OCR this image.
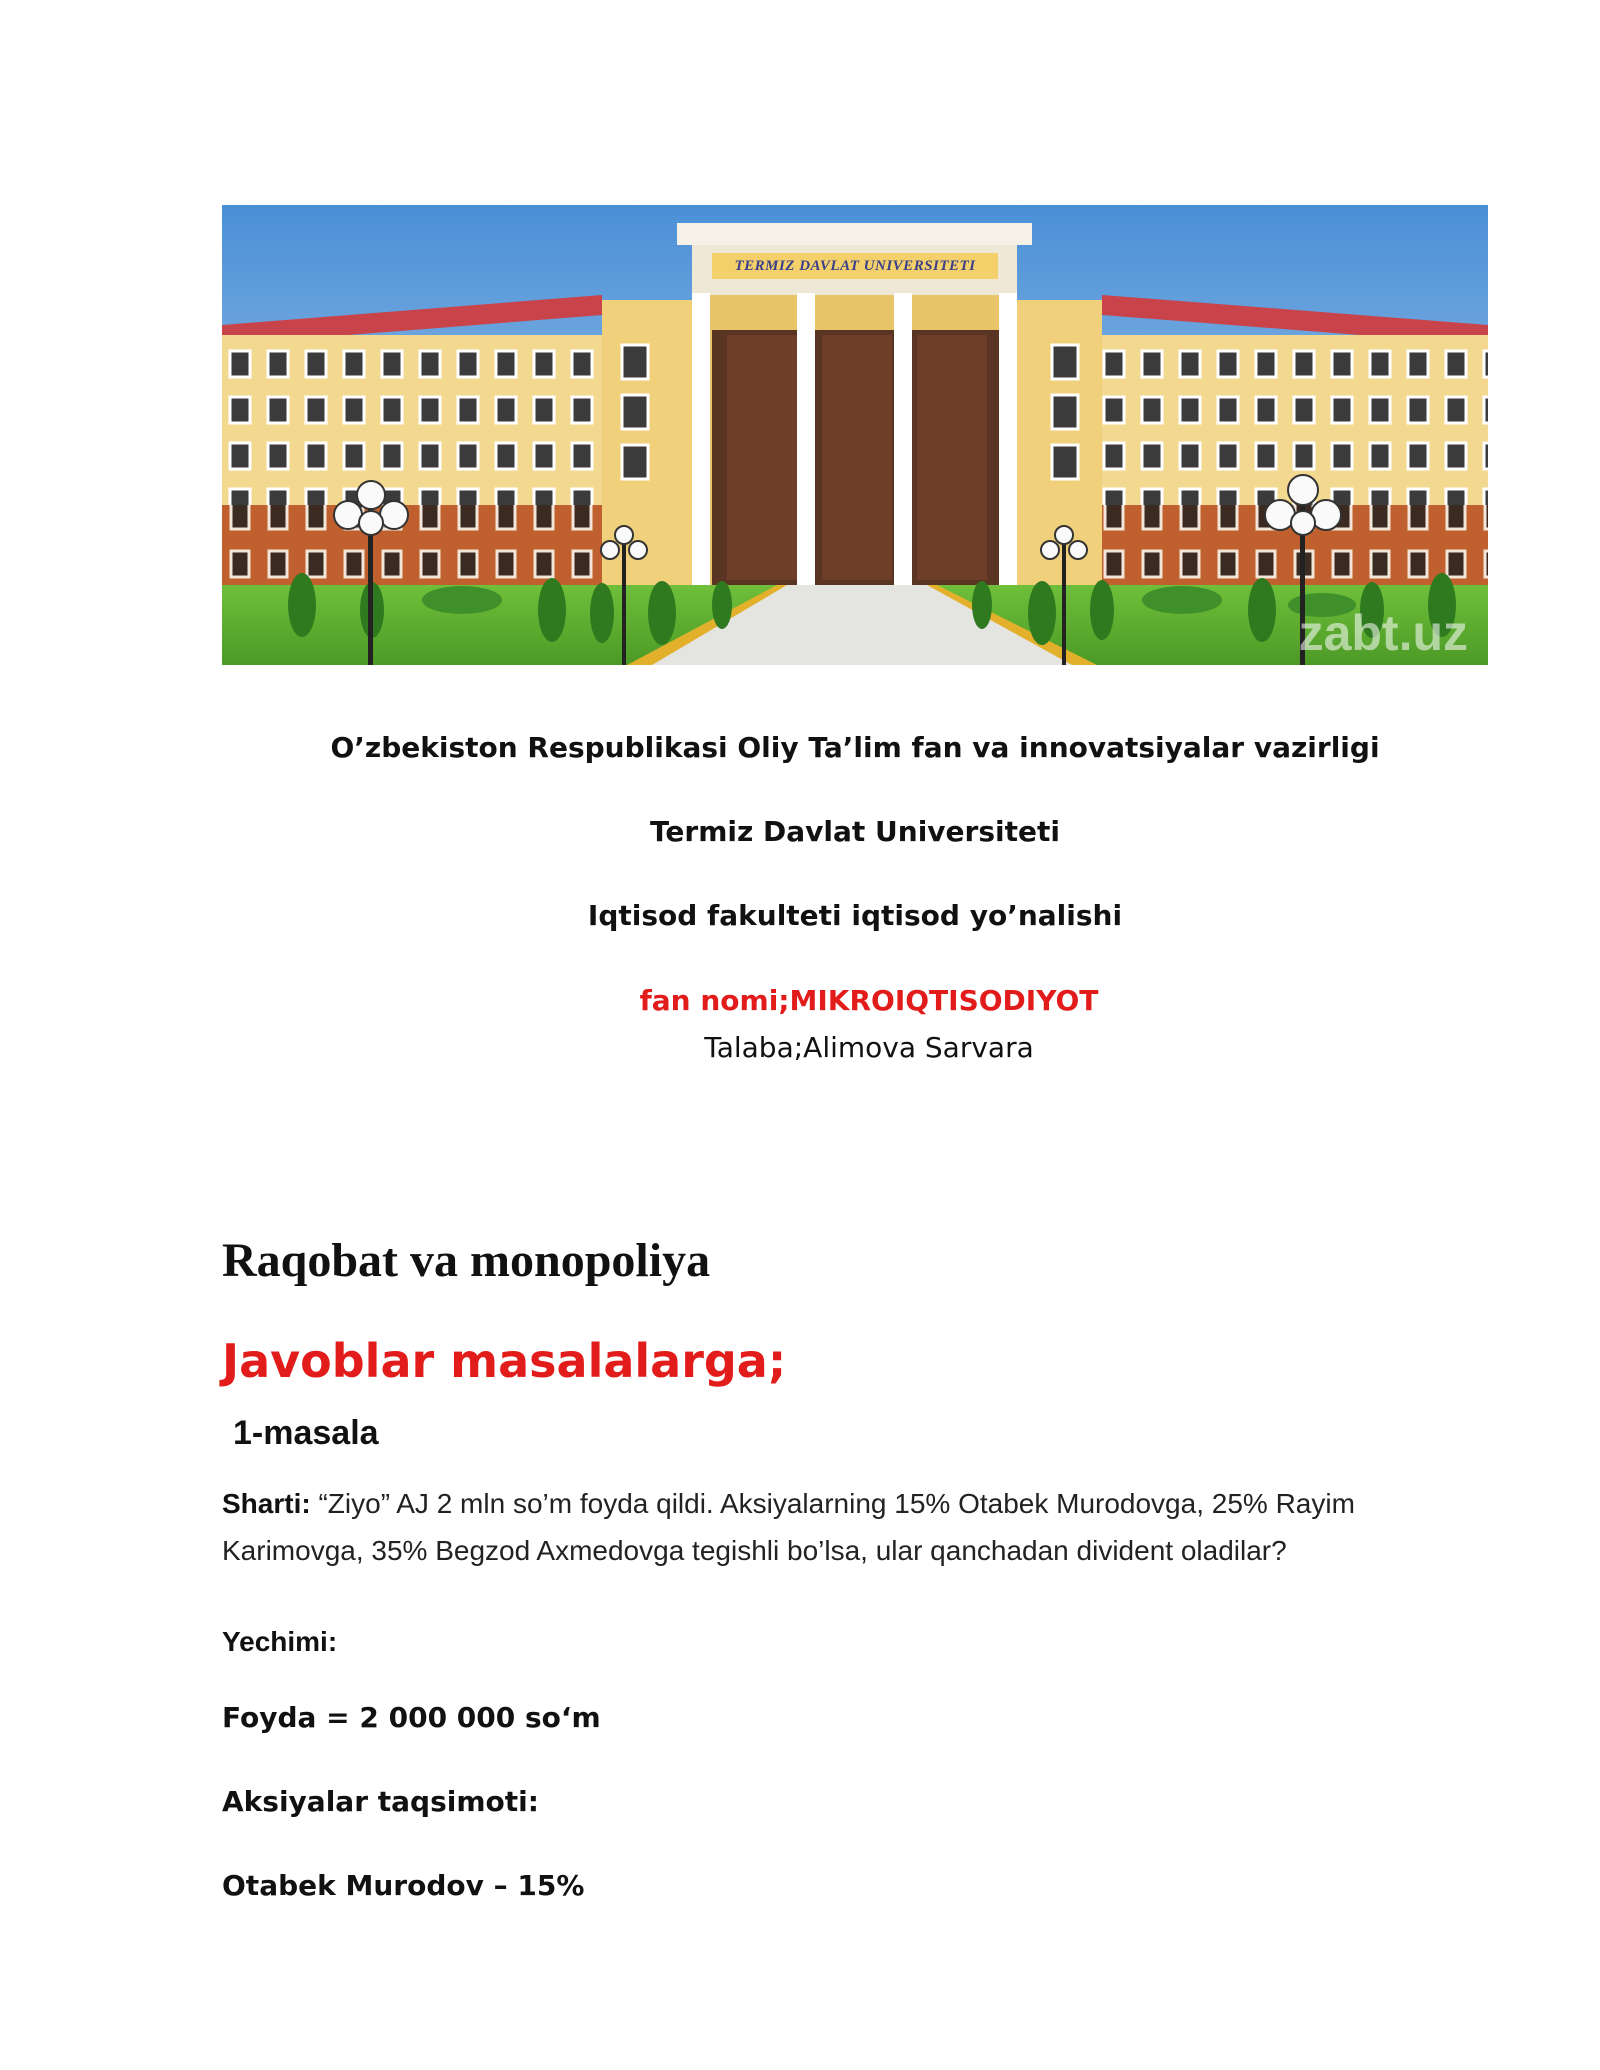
TERMIZ DAVLAT UNIVERSITETI
zabt.uz
O’zbekiston Respublikasi Oliy Ta’lim fan va innovatsiyalar vazirligi
Termiz Davlat Universiteti
Iqtisod fakulteti iqtisod yo’nalishi
fan nomi;MIKROIQTISODIYOT
Talaba;Alimova Sarvara
Raqobat va monopoliya
Javoblar masalalarga;
1-masala
Sharti: “Ziyo” AJ 2 mln so’m foyda qildi. Aksiyalarning 15% Otabek Murodovga, 25% Rayim Karimovga, 35% Begzod Axmedovga tegishli bo’lsa, ular qanchadan divident oladilar?
Yechimi:
Foyda = 2 000 000 so‘m
Aksiyalar taqsimoti:
Otabek Murodov – 15%
